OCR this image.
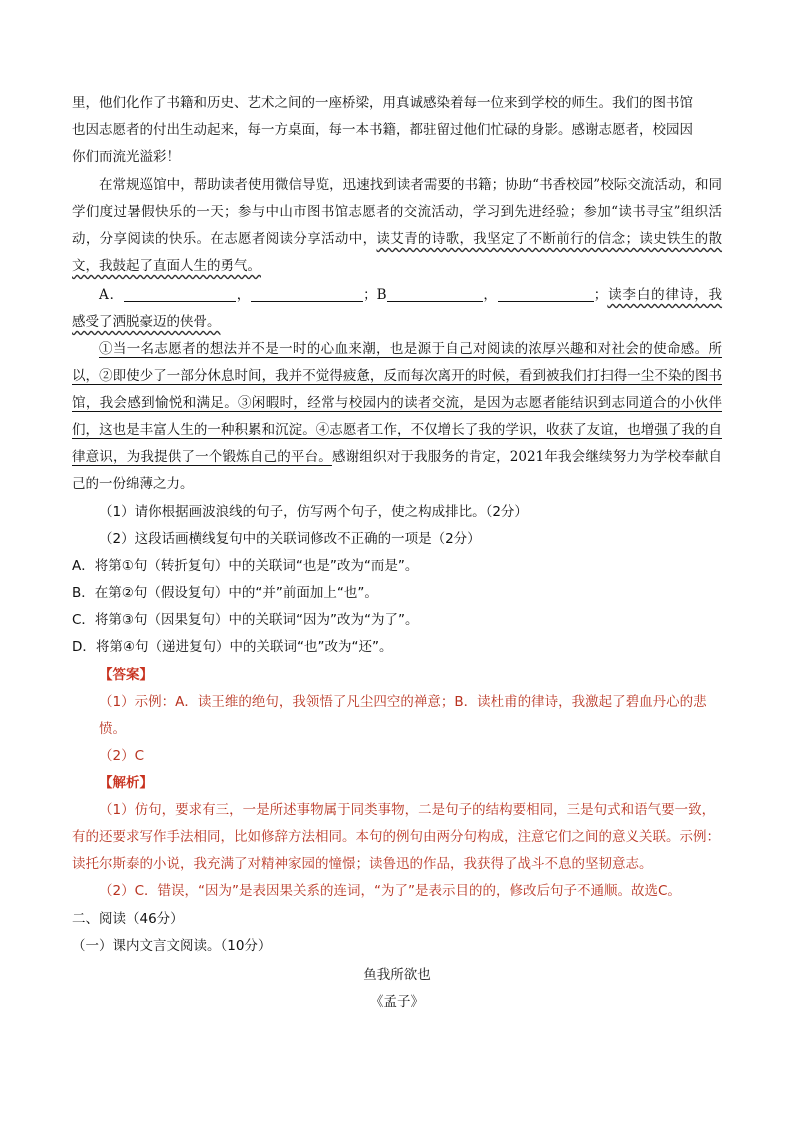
里，他们化作了书籍和历史、艺术之间的一座桥梁，用真诚感染着每一位来到学校的师生。我们的图书馆

也因志愿者的付出生动起来，每一方桌面，每一本书籍，都驻留过他们忙碌的身影。感谢志愿者，校园因

你们而流光溢彩！

在常规巡馆中，帮助读者使用微信导览，迅速找到读者需要的书籍；协助“书香校园”校际交流活动，和同学们度过暑假快乐的一天；参与中山市图书馆志愿者的交流活动，学习到先进经验；参加“读书寻宝”组织活动，分享阅读的快乐。在志愿者阅读分享活动中，读艾青的诗歌，我坚定了不断前行的信念；读史铁生的散文，我鼓起了直面人生的勇气。

A．	，	；B	，	；读李白的律诗，我感受了洒脱豪迈的侠骨。

①当一名志愿者的想法并不是一时的心血来潮，也是源于自己对阅读的浓厚兴趣和对社会的使命感。所以，②即使少了一部分休息时间，我并不觉得疲惫，反而每次离开的时候，看到被我们打扫得一尘不染的图书馆，我会感到愉悦和满足。③闲暇时，经常与校园内的读者交流，是因为志愿者能结识到志同道合的小伙伴们，这也是丰富人生的一种积累和沉淀。④志愿者工作，不仅增长了我的学识，收获了友谊，也增强了我的自律意识，为我提供了一个锻炼自己的平台。感谢组织对于我服务的肯定，2021年我会继续努力为学校奉献自己的一份绵薄之力。

（1）请你根据画波浪线的句子，仿写两个句子，使之构成排比。（2分）

（2）这段话画横线复句中的关联词修改不正确的一项是（2分）

A．将第①句（转折复句）中的关联词“也是”改为“而是”。

B．在第②句（假设复句）中的“并”前面加上“也”。

C．将第③句（因果复句）中的关联词“因为”改为“为了”。

D．将第④句（递进复句）中的关联词“也”改为“还”。

【答案】

（1）示例：A．读王维的绝句，我领悟了凡尘四空的禅意；B．读杜甫的律诗，我激起了碧血丹心的悲愤。

（2）C

【解析】

（1）仿句，要求有三，一是所述事物属于同类事物，二是句子的结构要相同，三是句式和语气要一致，有的还要求写作手法相同，比如修辞方法相同。本句的例句由两分句构成，注意它们之间的意义关联。示例：读托尔斯泰的小说，我充满了对精神家园的憧憬；读鲁迅的作品，我获得了战斗不息的坚韧意志。

（2）C．错误，“因为”是表因果关系的连词，“为了”是表示目的的，修改后句子不通顺。故选C。

二、阅读（46分）

（一）课内文言文阅读。（10分）

鱼我所欲也

《孟子》
